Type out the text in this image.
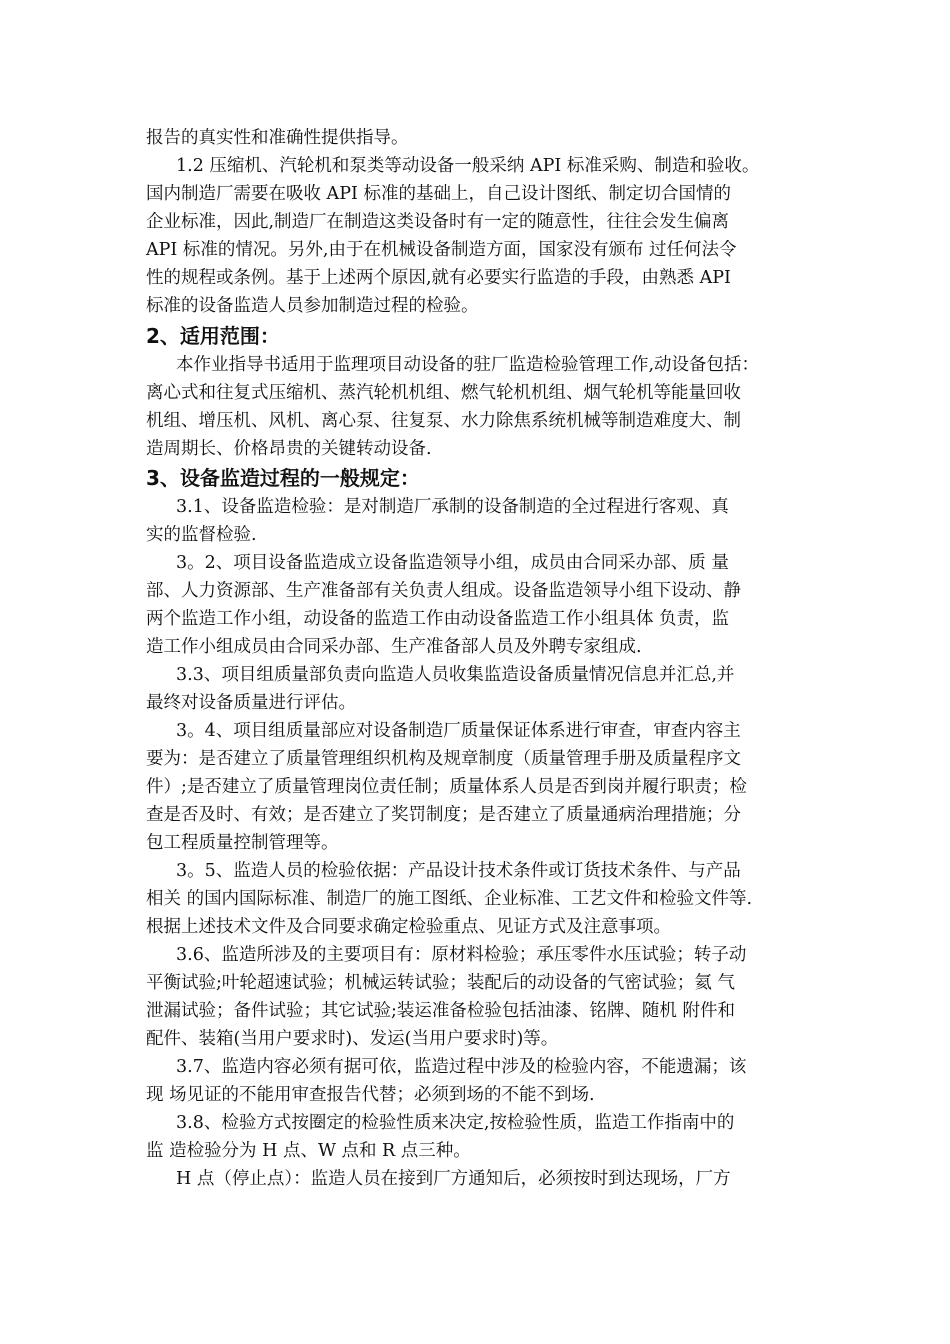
报告的真实性和准确性提供指导。
1.2 压缩机、汽轮机和泵类等动设备一般采纳 API 标准采购、制造和验收。
国内制造厂需要在吸收 API 标准的基础上，自己设计图纸、制定切合国情的
企业标准，因此,制造厂在制造这类设备时有一定的随意性，往往会发生偏离
API 标准的情况。另外,由于在机械设备制造方面，国家没有颁布 过任何法令
性的规程或条例。基于上述两个原因,就有必要实行监造的手段，由熟悉 API
标准的设备监造人员参加制造过程的检验。
2、适用范围：
本作业指导书适用于监理项目动设备的驻厂监造检验管理工作,动设备包括：
离心式和往复式压缩机、蒸汽轮机机组、燃气轮机机组、烟气轮机等能量回收
机组、增压机、风机、离心泵、往复泵、水力除焦系统机械等制造难度大、制
造周期长、价格昂贵的关键转动设备.
3、设备监造过程的一般规定：
3.1、设备监造检验：是对制造厂承制的设备制造的全过程进行客观、真
实的监督检验.
3。2、项目设备监造成立设备监造领导小组，成员由合同采办部、质 量
部、人力资源部、生产准备部有关负责人组成。设备监造领导小组下设动、静
两个监造工作小组，动设备的监造工作由动设备监造工作小组具体 负责，监
造工作小组成员由合同采办部、生产准备部人员及外聘专家组成.
3.3、项目组质量部负责向监造人员收集监造设备质量情况信息并汇总,并
最终对设备质量进行评估。
3。4、项目组质量部应对设备制造厂质量保证体系进行审查，审查内容主
要为：是否建立了质量管理组织机构及规章制度（质量管理手册及质量程序文
件）;是否建立了质量管理岗位责任制；质量体系人员是否到岗并履行职责；检
查是否及时、有效；是否建立了奖罚制度；是否建立了质量通病治理措施；分
包工程质量控制管理等。
3。5、监造人员的检验依据：产品设计技术条件或订货技术条件、与产品
相关 的国内国际标准、制造厂的施工图纸、企业标准、工艺文件和检验文件等.
根据上述技术文件及合同要求确定检验重点、见证方式及注意事项。
3.6、监造所涉及的主要项目有：原材料检验；承压零件水压试验；转子动
平衡试验;叶轮超速试验；机械运转试验；装配后的动设备的气密试验；氦 气
泄漏试验；备件试验；其它试验;装运准备检验包括油漆、铭牌、随机 附件和
配件、装箱(当用户要求时)、发运(当用户要求时)等。
3.7、监造内容必须有据可依，监造过程中涉及的检验内容，不能遗漏；该
现 场见证的不能用审查报告代替；必须到场的不能不到场.
3.8、检验方式按圈定的检验性质来决定,按检验性质，监造工作指南中的
监 造检验分为 H 点、W 点和 R 点三种。
H 点（停止点）：监造人员在接到厂方通知后，必须按时到达现场，厂方
